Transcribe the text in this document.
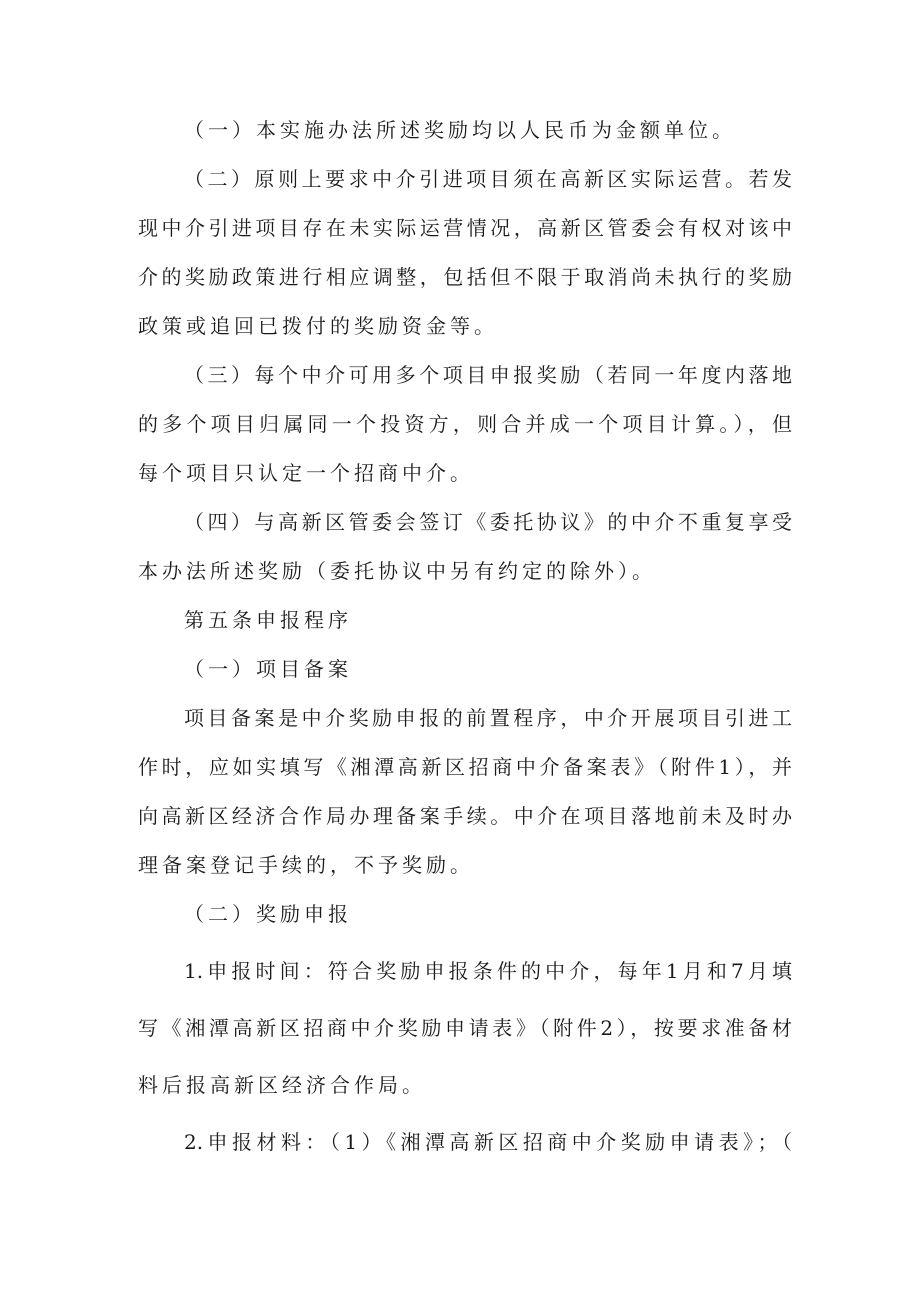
（一）本实施办法所述奖励均以人民币为金额单位。
（二）原则上要求中介引进项目须在高新区实际运营。若发
现中介引进项目存在未实际运营情况，高新区管委会有权对该中
介的奖励政策进行相应调整，包括但不限于取消尚未执行的奖励
政策或追回已拨付的奖励资金等。
（三）每个中介可用多个项目申报奖励（若同一年度内落地
的多个项目归属同一个投资方，则合并成一个项目计算。），但
每个项目只认定一个招商中介。
（四）与高新区管委会签订《委托协议》的中介不重复享受
本办法所述奖励（委托协议中另有约定的除外）。
第五条申报程序
（一）项目备案
项目备案是中介奖励申报的前置程序，中介开展项目引进工
作时，应如实填写《湘潭高新区招商中介备案表》（附件1），并
向高新区经济合作局办理备案手续。中介在项目落地前未及时办
理备案登记手续的，不予奖励。
（二）奖励申报
1.申报时间：符合奖励申报条件的中介，每年1月和7月填
写《湘潭高新区招商中介奖励申请表》（附件2），按要求准备材
料后报高新区经济合作局。
2.申报材料：（1）《湘潭高新区招商中介奖励申请表》；（
